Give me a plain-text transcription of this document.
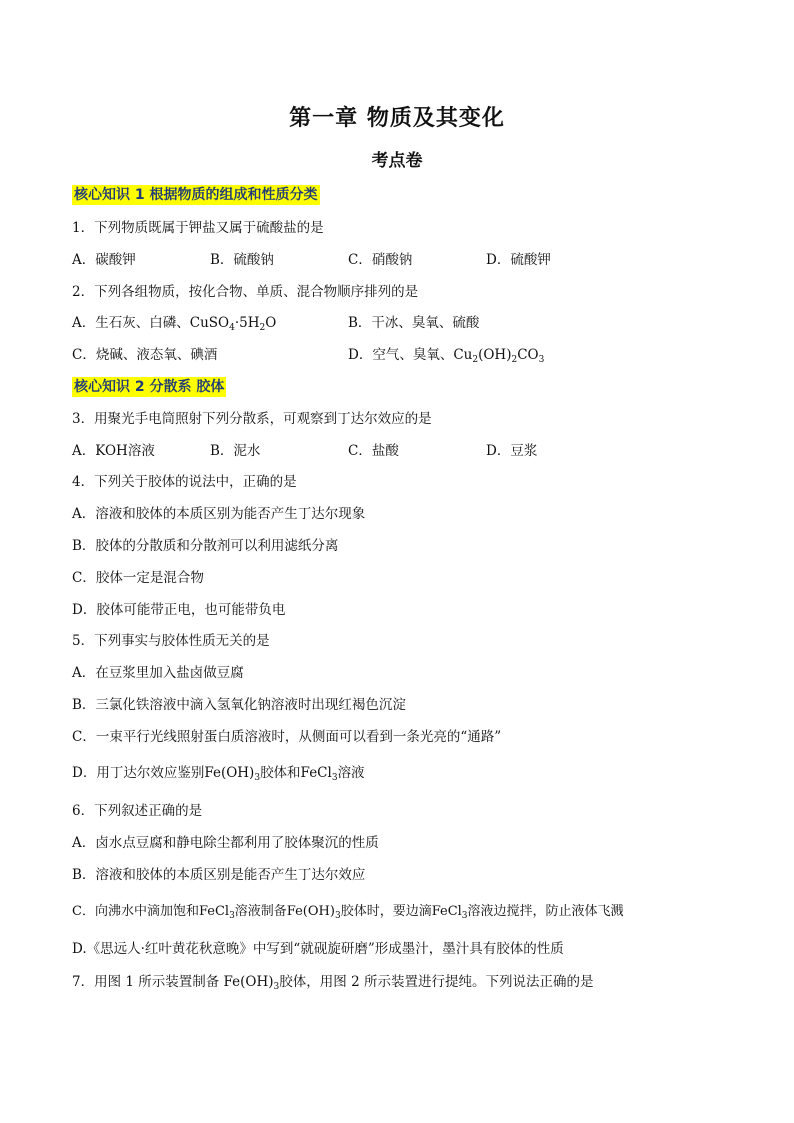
第一章 物质及其变化
考点卷
核心知识 1 根据物质的组成和性质分类
1．下列物质既属于钾盐又属于硫酸盐的是
A．碳酸钾	B．硫酸钠	C．硝酸钠	D．硫酸钾
2．下列各组物质，按化合物、单质、混合物顺序排列的是
A．生石灰、白磷、$CuSO_4\cdot 5H_2O$	B．干冰、臭氧、硫酸
C．烧碱、液态氧、碘酒	D．空气、臭氧、$Cu_2(OH)_2CO_3$
核心知识 2 分散系 胶体
3．用聚光手电筒照射下列分散系，可观察到丁达尔效应的是
A．KOH溶液	B．泥水	C．盐酸	D．豆浆
4．下列关于胶体的说法中，正确的是
A．溶液和胶体的本质区别为能否产生丁达尔现象
B．胶体的分散质和分散剂可以利用滤纸分离
C．胶体一定是混合物
D．胶体可能带正电，也可能带负电
5．下列事实与胶体性质无关的是
A．在豆浆里加入盐卤做豆腐
B．三氯化铁溶液中滴入氢氧化钠溶液时出现红褐色沉淀
C．一束平行光线照射蛋白质溶液时，从侧面可以看到一条光亮的“通路”
D．用丁达尔效应鉴别$Fe(OH)_3$胶体和FeCl$_3$溶液
6．下列叙述正确的是
A．卤水点豆腐和静电除尘都利用了胶体聚沉的性质
B．溶液和胶体的本质区别是能否产生丁达尔效应
C．向沸水中滴加饱和FeCl$_3$溶液制备$Fe(OH)_3$胶体时，要边滴FeCl$_3$溶液边搅拌，防止液体飞溅
D.《思远人·红叶黄花秋意晚》中写到“就砚旋研磨”形成墨汁，墨汁具有胶体的性质
7．用图 1 所示装置制备 $Fe(OH)_3$胶体，用图 2 所示装置进行提纯。下列说法正确的是
